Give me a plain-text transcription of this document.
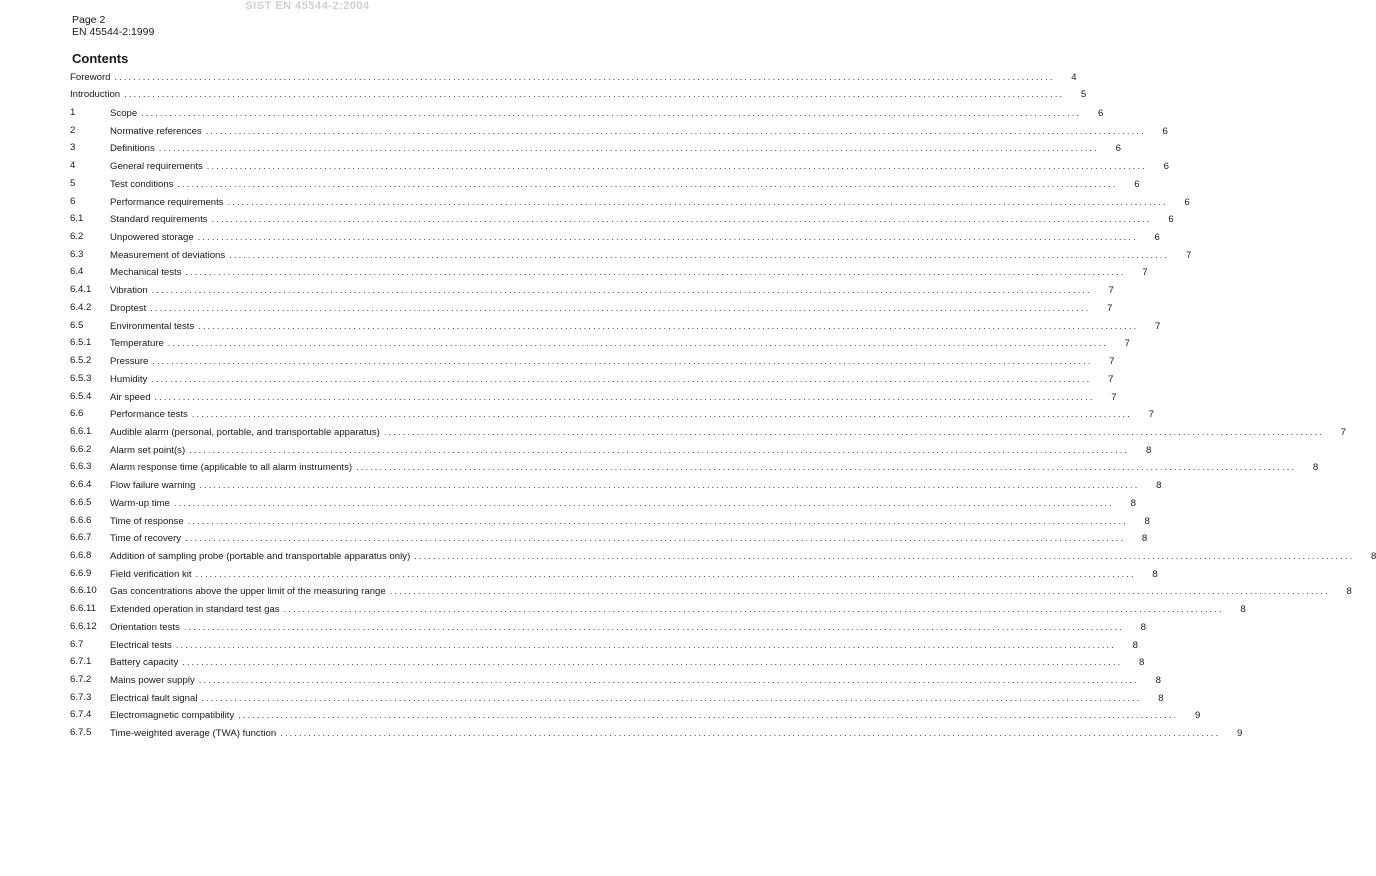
SIST EN 45544-2:2004
Page 2
EN 45544-2:1999
Contents
Foreword ........................................................................................................................................................................................................	4
Introduction ........................................................................................................................................................................................................	5
1	Scope ........................................................................................................................................................................................................	6
2	Normative references ........................................................................................................................................................................................................	6
3	Definitions ........................................................................................................................................................................................................	6
4	General requirements ........................................................................................................................................................................................................	6
5	Test conditions ........................................................................................................................................................................................................	6
6	Performance requirements ........................................................................................................................................................................................................	6
6.1	Standard requirements ........................................................................................................................................................................................................	6
6.2	Unpowered storage ........................................................................................................................................................................................................	6
6.3	Measurement of deviations ........................................................................................................................................................................................................	7
6.4	Mechanical tests ........................................................................................................................................................................................................	7
6.4.1 Vibration ........................................................................................................................................................................................................	7
6.4.2 Droptest ........................................................................................................................................................................................................	7
6.5	Environmental tests ........................................................................................................................................................................................................	7
6.5.1 Temperature ........................................................................................................................................................................................................	7
6.5.2 Pressure ........................................................................................................................................................................................................	7
6.5.3 Humidity ........................................................................................................................................................................................................	7
6.5.4 Air speed ........................................................................................................................................................................................................	7
6.6	Performance tests ........................................................................................................................................................................................................	7
6.6.1 Audible alarm (personal, portable, and transportable apparatus) ........................................................................................................................................................................................................	7
6.6.2 Alarm set point(s) ........................................................................................................................................................................................................	8
6.6.3 Alarm response time (applicable to all alarm instruments) ........................................................................................................................................................................................................	8
6.6.4 Flow failure warning ........................................................................................................................................................................................................	8
6.6.5 Warm-up time ........................................................................................................................................................................................................	8
6.6.6 Time of response ........................................................................................................................................................................................................	8
6.6.7 Time of recovery ........................................................................................................................................................................................................	8
6.6.8 Addition of sampling probe (portable and transportable apparatus only) ........................................................................................................................................................................................................	8
6.6.9 Field verification kit ........................................................................................................................................................................................................	8
6.6.10 Gas concentrations above the upper limit of the measuring range ........................................................................................................................................................................................................	8
6.6.11 Extended operation in standard test gas ........................................................................................................................................................................................................	8
6.6.12 Orientation tests ........................................................................................................................................................................................................	8
6.7	Electrical tests ........................................................................................................................................................................................................	8
6.7.1 Battery capacity ........................................................................................................................................................................................................	8
6.7.2 Mains power supply ........................................................................................................................................................................................................	8
6.7.3 Electrical fault signal ........................................................................................................................................................................................................	8
6.7.4 Electromagnetic compatibility ........................................................................................................................................................................................................	9
6.7.5 Time-weighted average (TWA) function ........................................................................................................................................................................................................	9
